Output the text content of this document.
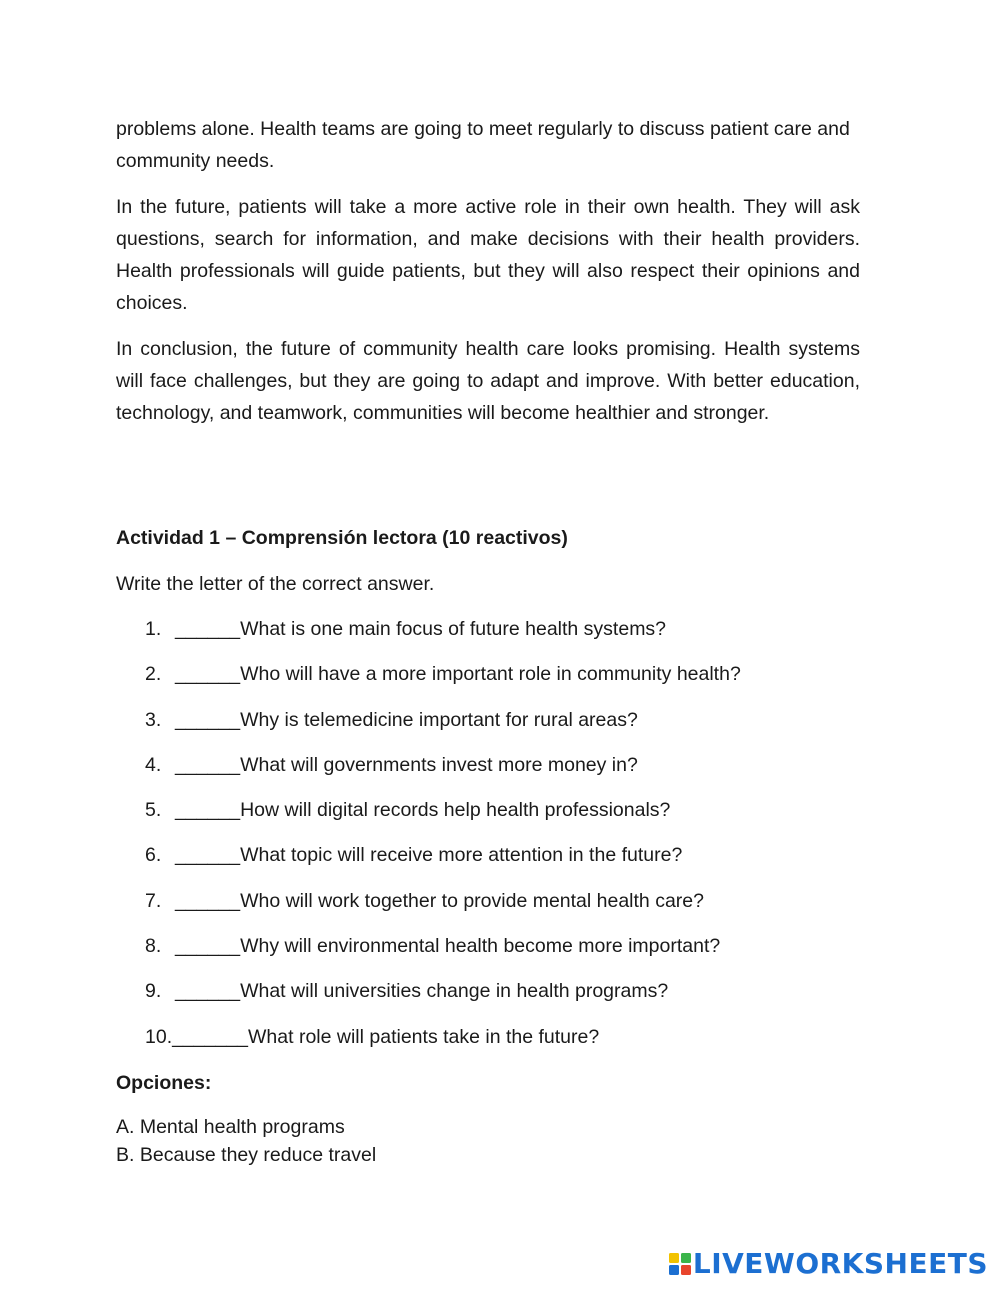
problems alone. Health teams are going to meet regularly to discuss patient care and community needs.

In the future, patients will take a more active role in their own health. They will ask questions, search for information, and make decisions with their health providers. Health professionals will guide patients, but they will also respect their opinions and choices.

In conclusion, the future of community health care looks promising. Health systems will face challenges, but they are going to adapt and improve. With better education, technology, and teamwork, communities will become healthier and stronger.

Actividad 1 – Comprensión lectora (10 reactivos)

Write the letter of the correct answer.

1. ______What is one main focus of future health systems?
2. ______Who will have a more important role in community health?
3. ______Why is telemedicine important for rural areas?
4. ______What will governments invest more money in?
5. ______How will digital records help health professionals?
6. ______What topic will receive more attention in the future?
7. ______Who will work together to provide mental health care?
8. ______Why will environmental health become more important?
9. ______What will universities change in health programs?
10._______What role will patients take in the future?

Opciones:

A. Mental health programs
B. Because they reduce travel
LIVEWORKSHEETS
